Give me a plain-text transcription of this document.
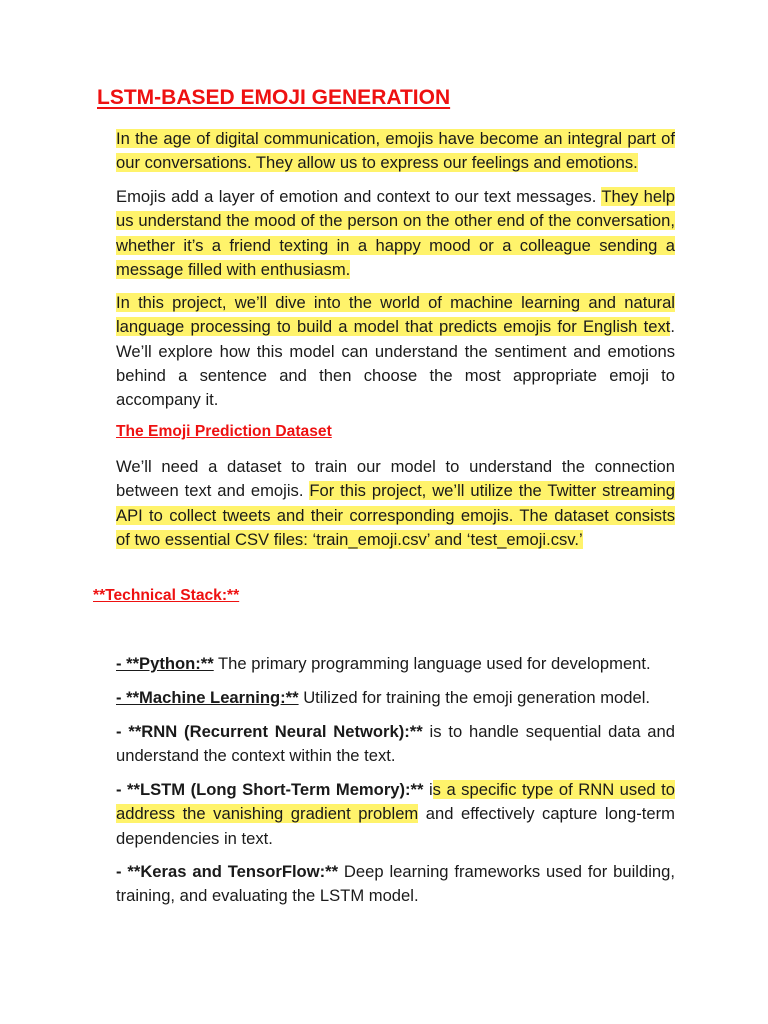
LSTM-BASED EMOJI GENERATION

In the age of digital communication, emojis have become an integral part of our conversations. They allow us to express our feelings and emotions.

Emojis add a layer of emotion and context to our text messages. They help us understand the mood of the person on the other end of the conversation, whether it’s a friend texting in a happy mood or a colleague sending a message filled with enthusiasm.

In this project, we’ll dive into the world of machine learning and natural language processing to build a model that predicts emojis for English text. We’ll explore how this model can understand the sentiment and emotions behind a sentence and then choose the most appropriate emoji to accompany it.

The Emoji Prediction Dataset

We’ll need a dataset to train our model to understand the connection between text and emojis. For this project, we’ll utilize the Twitter streaming API to collect tweets and their corresponding emojis. The dataset consists of two essential CSV files: ‘train_emoji.csv’ and ‘test_emoji.csv.’

**Technical Stack:**

- **Python:** The primary programming language used for development.

- **Machine Learning:** Utilized for training the emoji generation model.

- **RNN (Recurrent Neural Network):** is to handle sequential data and understand the context within the text.

- **LSTM (Long Short-Term Memory):** is a specific type of RNN used to address the vanishing gradient problem and effectively capture long-term dependencies in text.

- **Keras and TensorFlow:** Deep learning frameworks used for building, training, and evaluating the LSTM model.
